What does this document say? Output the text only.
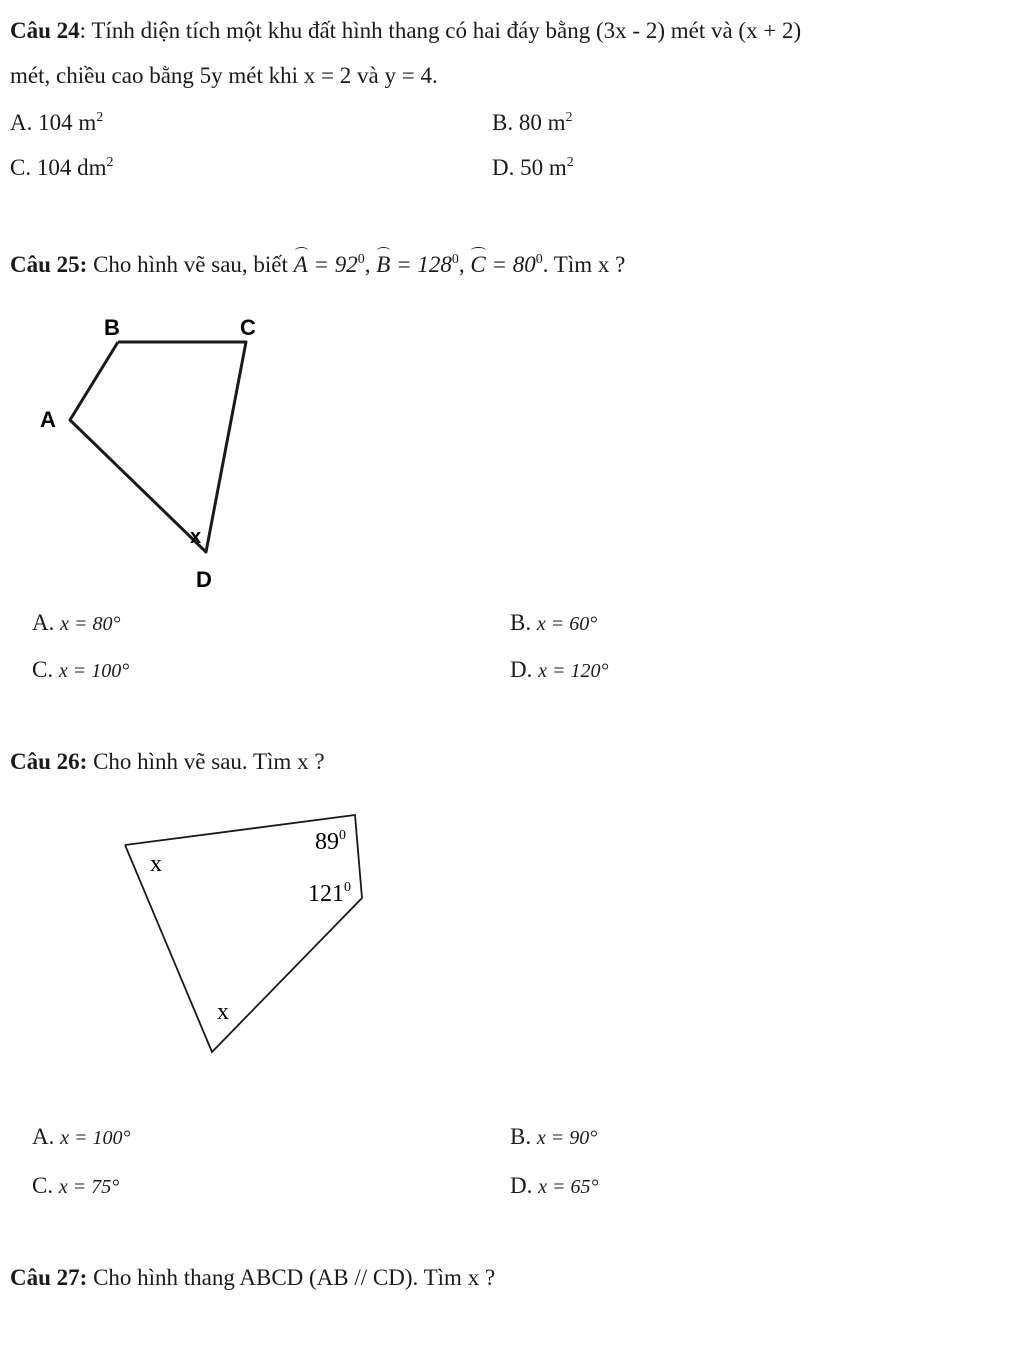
Câu 24: Tính diện tích một khu đất hình thang có hai đáy bằng (3x - 2) mét và (x + 2)
mét, chiều cao bằng 5y mét khi x = 2 và y = 4.
A. 104 $m^2$	B. 80 $m^2$
C. 104 $dm^2$	D. 50 $m^2$
Câu 25: Cho hình vẽ sau, biết $A = 92^0$, $B = 128^0$, $C = 80^0$. Tìm x ?
B	C
A
x
D
A. x = 80°	B. x = 60°
C. x = 100°	D. x = 120°
Câu 26: Cho hình vẽ sau. Tìm x ?
$89^0$
$121^0$
x
x
A. x = 100°	B. x = 90°
C. x = 75°	D. x = 65°
Câu 27: Cho hình thang ABCD (AB // CD). Tìm x ?
